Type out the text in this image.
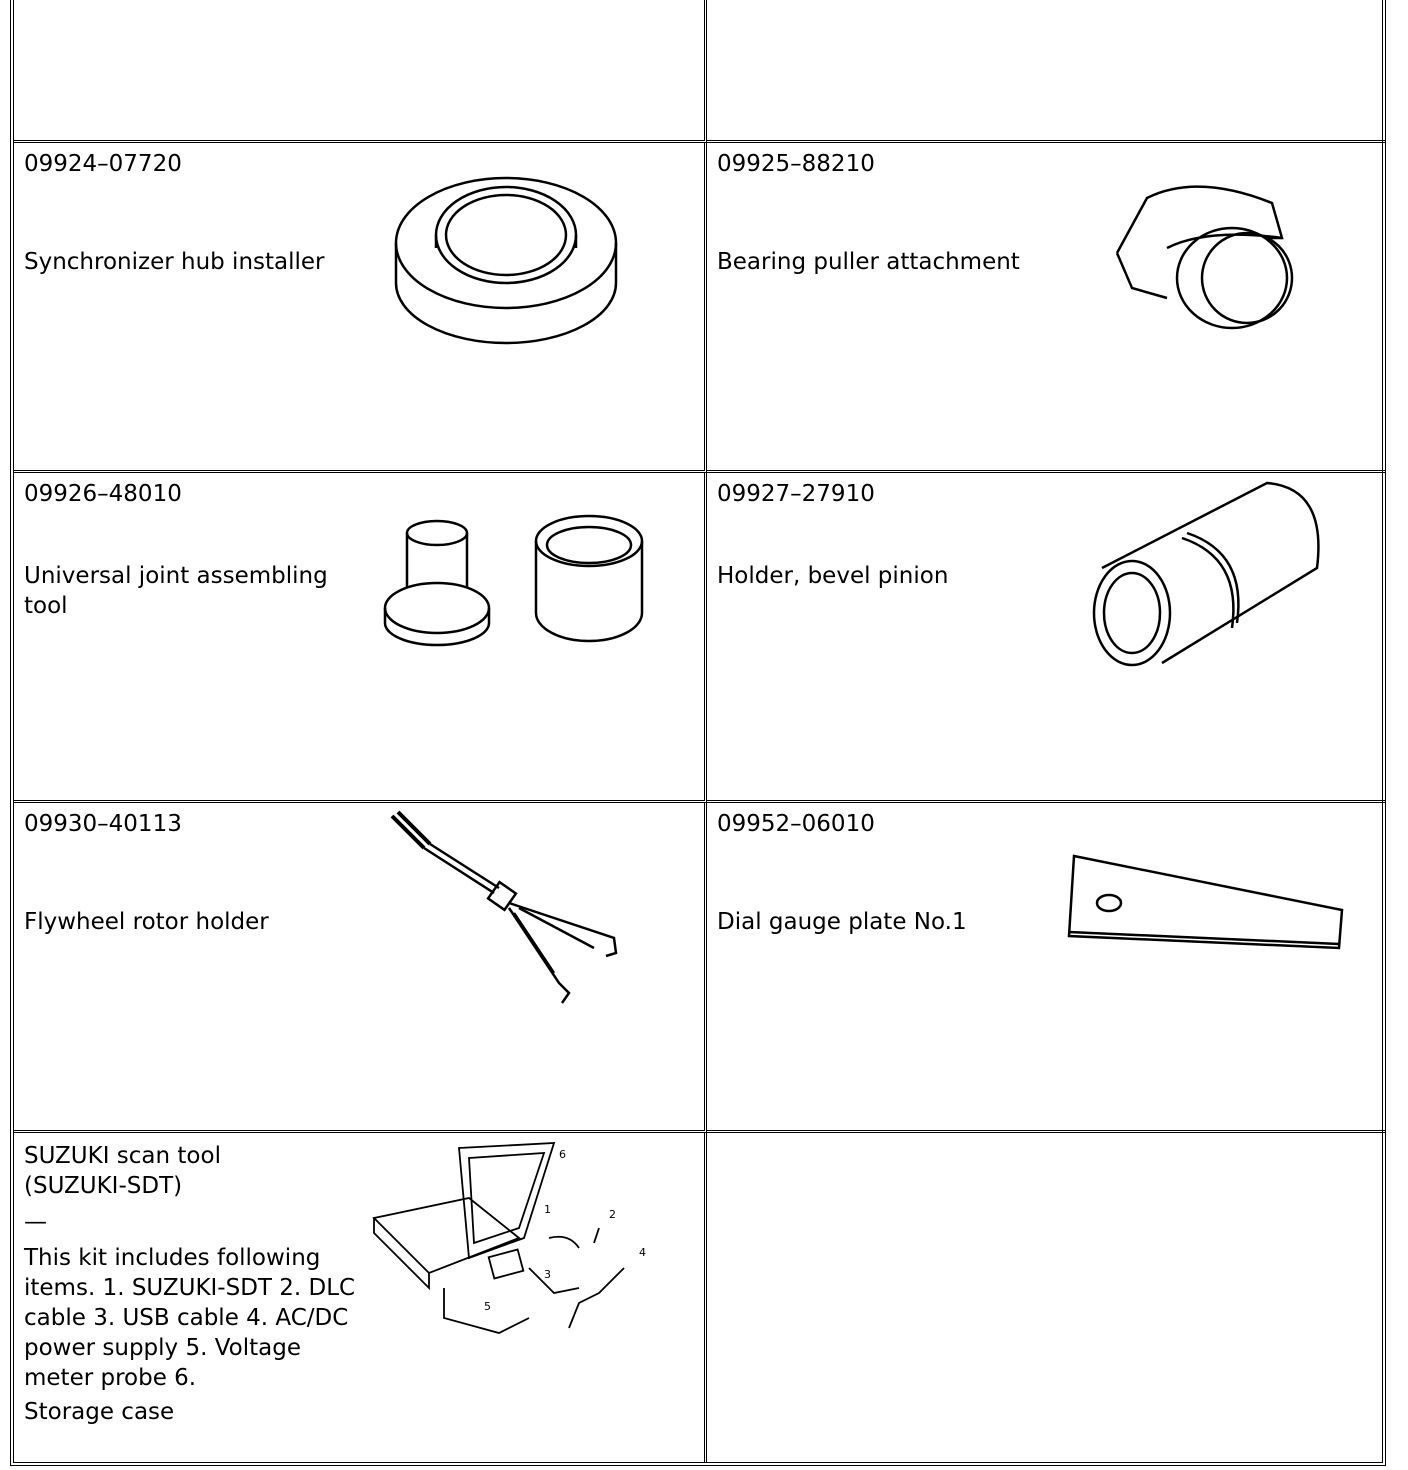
09924–07720
Synchronizer hub installer
09925–88210
Bearing puller attachment
09926–48010
Universal joint assembling tool
09927–27910
Holder, bevel pinion
09930–40113
Flywheel rotor holder
09952–06010
Dial gauge plate No.1
SUZUKI scan tool

(SUZUKI-SDT)

—

This kit includes following items. 1. SUZUKI-SDT 2. DLC cable 3. USB cable 4. AC/DC power supply 5. Voltage meter probe 6.
Storage case
6
1	2
3
4
5
